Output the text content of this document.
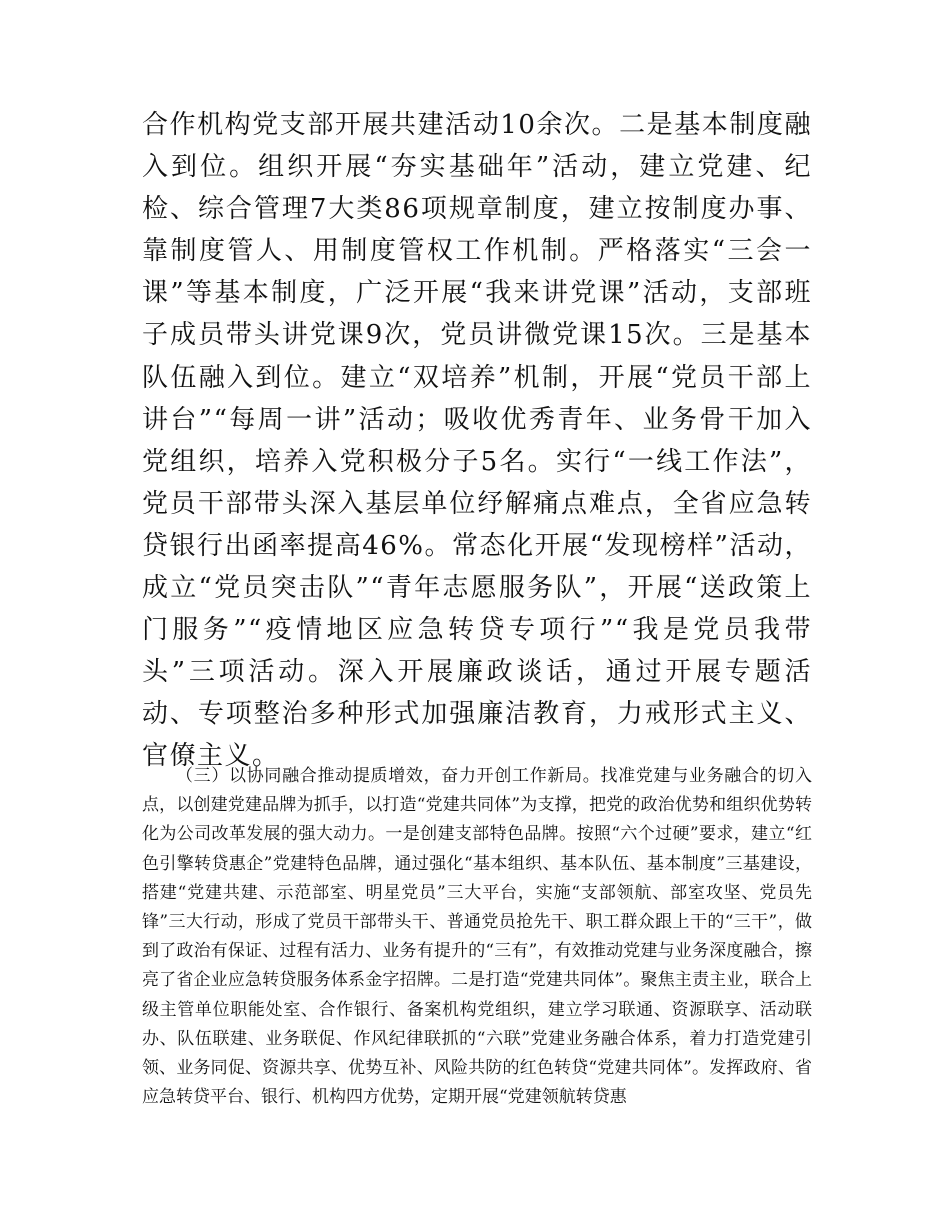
合作机构党支部开展共建活动10余次。二是基本制度融入到位。组织开展“夯实基础年”活动，建立党建、纪检、综合管理7大类86项规章制度，建立按制度办事、靠制度管人、用制度管权工作机制。严格落实“三会一课”等基本制度，广泛开展“我来讲党课”活动，支部班子成员带头讲党课9次，党员讲微党课15次。三是基本队伍融入到位。建立“双培养”机制，开展“党员干部上讲台”“每周一讲”活动；吸收优秀青年、业务骨干加入党组织，培养入党积极分子5名。实行“一线工作法”，党员干部带头深入基层单位纾解痛点难点，全省应急转贷银行出函率提高46%。常态化开展“发现榜样”活动，成立“党员突击队”“青年志愿服务队”，开展“送政策上门服务”“疫情地区应急转贷专项行”“我是党员我带头”三项活动。深入开展廉政谈话，通过开展专题活动、专项整治多种形式加强廉洁教育，力戒形式主义、官僚主义。

（三）以协同融合推动提质增效，奋力开创工作新局。找准党建与业务融合的切入点，以创建党建品牌为抓手，以打造“党建共同体”为支撑，把党的政治优势和组织优势转化为公司改革发展的强大动力。一是创建支部特色品牌。按照“六个过硬”要求，建立“红色引擎转贷惠企”党建特色品牌，通过强化“基本组织、基本队伍、基本制度”三基建设，搭建“党建共建、示范部室、明星党员”三大平台，实施“支部领航、部室攻坚、党员先锋”三大行动，形成了党员干部带头干、普通党员抢先干、职工群众跟上干的“三干”，做到了政治有保证、过程有活力、业务有提升的“三有”，有效推动党建与业务深度融合，擦亮了省企业应急转贷服务体系金字招牌。二是打造“党建共同体”。聚焦主责主业，联合上级主管单位职能处室、合作银行、备案机构党组织，建立学习联通、资源联享、活动联办、队伍联建、业务联促、作风纪律联抓的“六联”党建业务融合体系，着力打造党建引领、业务同促、资源共享、优势互补、风险共防的红色转贷“党建共同体”。发挥政府、省应急转贷平台、银行、机构四方优势，定期开展“党建领航转贷惠
